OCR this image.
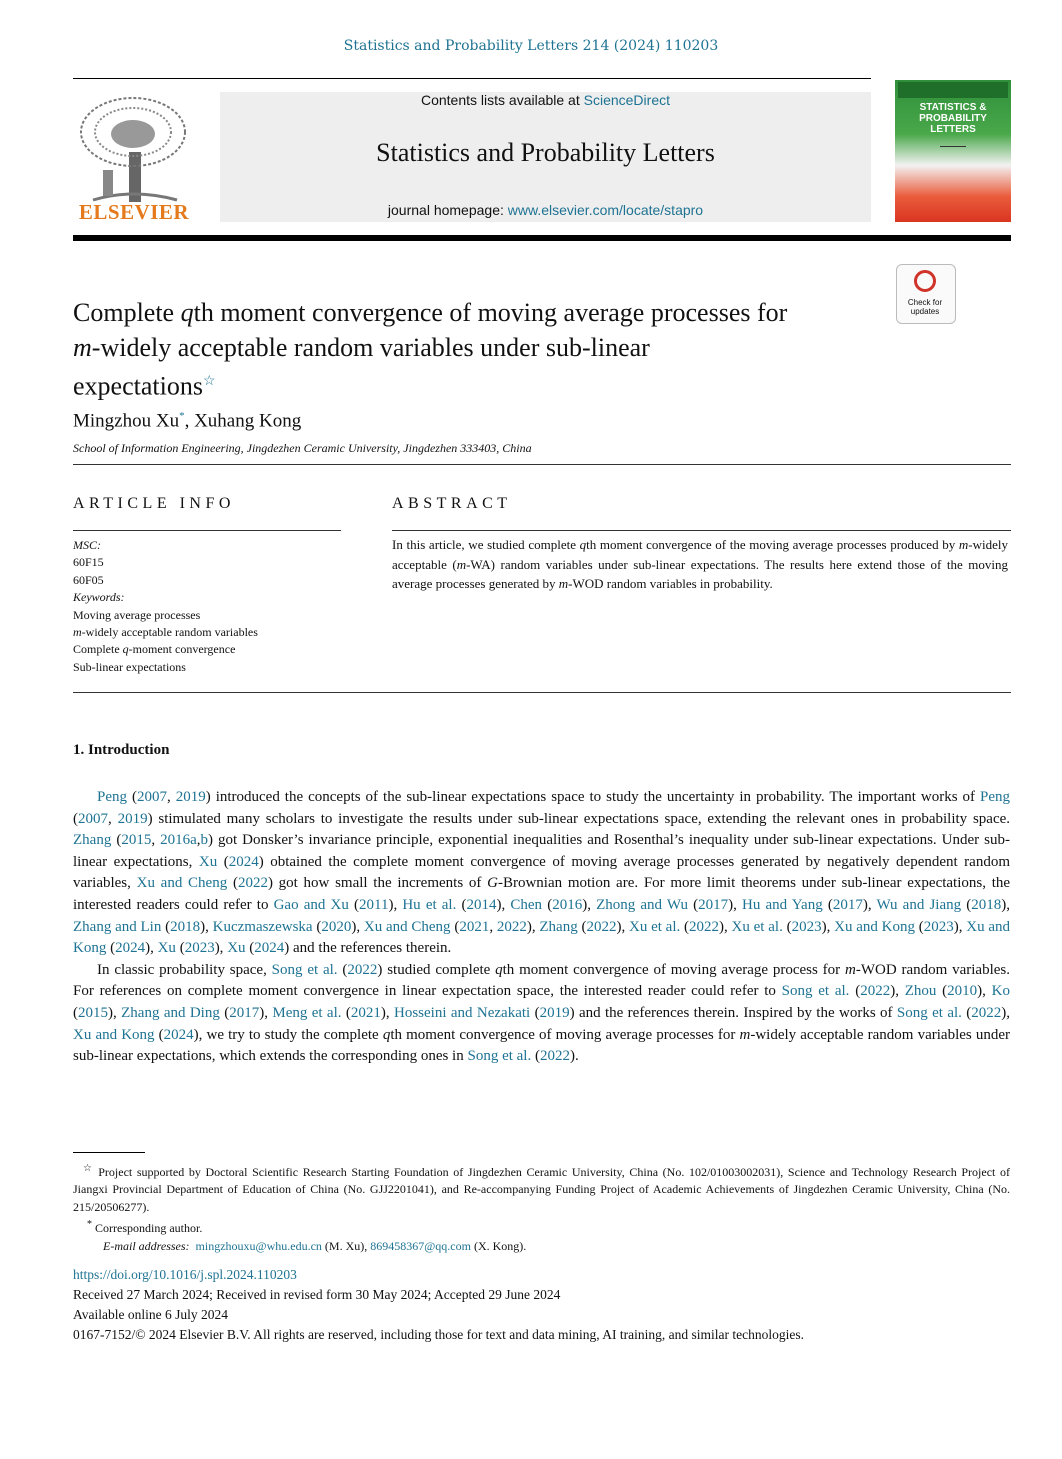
Statistics and Probability Letters 214 (2024) 110203
ELSEVIER
Contents lists available at ScienceDirect
Statistics and Probability Letters
journal homepage: www.elsevier.com/locate/stapro
STATISTICS & PROBABILITY LETTERS
Check for
updates
Complete qth moment convergence of moving average processes for
m-widely acceptable random variables under sub-linear
expectations☆
Mingzhou Xu*, Xuhang Kong
School of Information Engineering, Jingdezhen Ceramic University, Jingdezhen 333403, China
ARTICLE INFO	ABSTRACT
MSC:
60F15
60F05
Keywords:
Moving average processes
m-widely acceptable random variables
Complete q-moment convergence
Sub-linear expectations
In this article, we studied complete qth moment convergence of the moving average processes produced by m-widely acceptable (m-WA) random variables under sub-linear expectations. The results here extend those of the moving average processes generated by m-WOD random variables in probability.
1. Introduction

Peng (2007, 2019) introduced the concepts of the sub-linear expectations space to study the uncertainty in probability. The important works of Peng (2007, 2019) stimulated many scholars to investigate the results under sub-linear expectations space, extending the relevant ones in probability space. Zhang (2015, 2016a,b) got Donsker’s invariance principle, exponential inequalities and Rosenthal’s inequality under sub-linear expectations. Under sub-linear expectations, Xu (2024) obtained the complete moment convergence of moving average processes generated by negatively dependent random variables, Xu and Cheng (2022) got how small the increments of G-Brownian motion are. For more limit theorems under sub-linear expectations, the interested readers could refer to Gao and Xu (2011), Hu et al. (2014), Chen (2016), Zhong and Wu (2017), Hu and Yang (2017), Wu and Jiang (2018), Zhang and Lin (2018), Kuczmaszewska (2020), Xu and Cheng (2021, 2022), Zhang (2022), Xu et al. (2022), Xu et al. (2023), Xu and Kong (2023), Xu and Kong (2024), Xu (2023), Xu (2024) and the references therein.

In classic probability space, Song et al. (2022) studied complete qth moment convergence of moving average process for m-WOD random variables. For references on complete moment convergence in linear expectation space, the interested reader could refer to Song et al. (2022), Zhou (2010), Ko (2015), Zhang and Ding (2017), Meng et al. (2021), Hosseini and Nezakati (2019) and the references therein. Inspired by the works of Song et al. (2022), Xu and Kong (2024), we try to study the complete qth moment convergence of moving average processes for m-widely acceptable random variables under sub-linear expectations, which extends the corresponding ones in Song et al. (2022).

☆ Project supported by Doctoral Scientific Research Starting Foundation of Jingdezhen Ceramic University, China (No. 102/01003002031), Science and Technology Research Project of Jiangxi Provincial Department of Education of China (No. GJJ2201041), and Re-accompanying Funding Project of Academic Achievements of Jingdezhen Ceramic University, China (No. 215/20506277).

* Corresponding author.

E-mail addresses: mingzhouxu@whu.edu.cn (M. Xu), 869458367@qq.com (X. Kong).

https://doi.org/10.1016/j.spl.2024.110203
Received 27 March 2024; Received in revised form 30 May 2024; Accepted 29 June 2024
Available online 6 July 2024
0167-7152/© 2024 Elsevier B.V. All rights are reserved, including those for text and data mining, AI training, and similar technologies.
